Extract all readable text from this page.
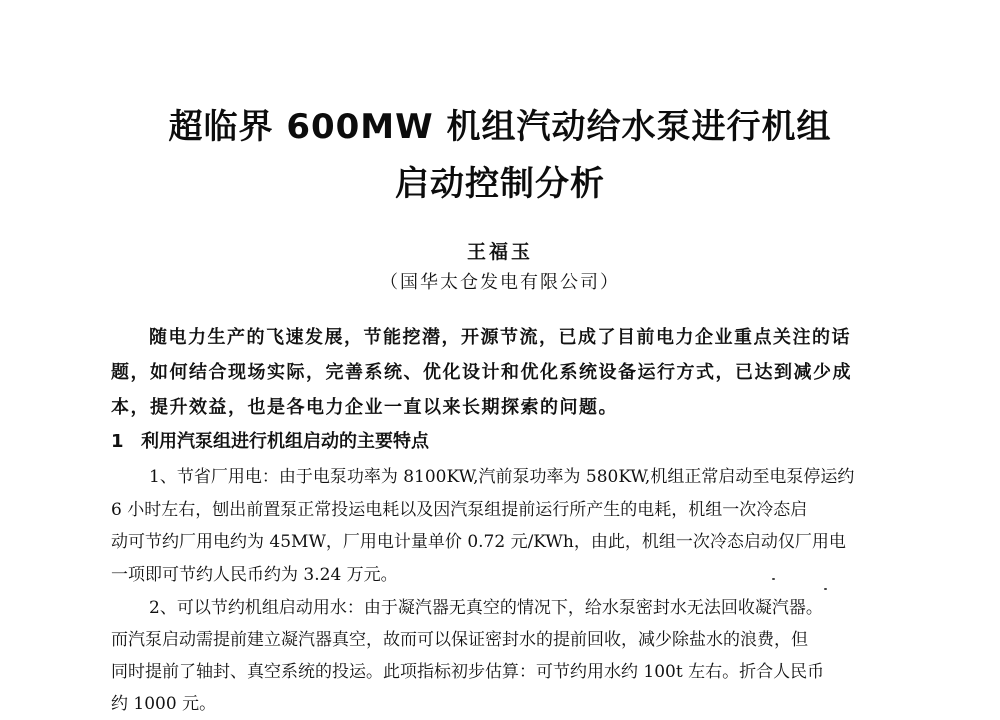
超临界 600MW 机组汽动给水泵进行机组
启动控制分析
王福玉
（国华太仓发电有限公司）
随电力生产的飞速发展，节能挖潜，开源节流，已成了目前电力企业重点关注的话
题，如何结合现场实际，完善系统、优化设计和优化系统设备运行方式，已达到减少成
本，提升效益，也是各电力企业一直以来长期探索的问题。
1 利用汽泵组进行机组启动的主要特点
1、节省厂用电：由于电泵功率为 8100KW,汽前泵功率为 580KW,机组正常启动至电泵停运约
6 小时左右，刨出前置泵正常投运电耗以及因汽泵组提前运行所产生的电耗，机组一次冷态启
动可节约厂用电约为 45MW，厂用电计量单价 0.72 元/KWh，由此，机组一次冷态启动仅厂用电
一项即可节约人民币约为 3.24 万元。
2、可以节约机组启动用水：由于凝汽器无真空的情况下，给水泵密封水无法回收凝汽器。
而汽泵启动需提前建立凝汽器真空，故而可以保证密封水的提前回收，减少除盐水的浪费，但
同时提前了轴封、真空系统的投运。此项指标初步估算：可节约用水约 100t 左右。折合人民币
约 1000 元。
